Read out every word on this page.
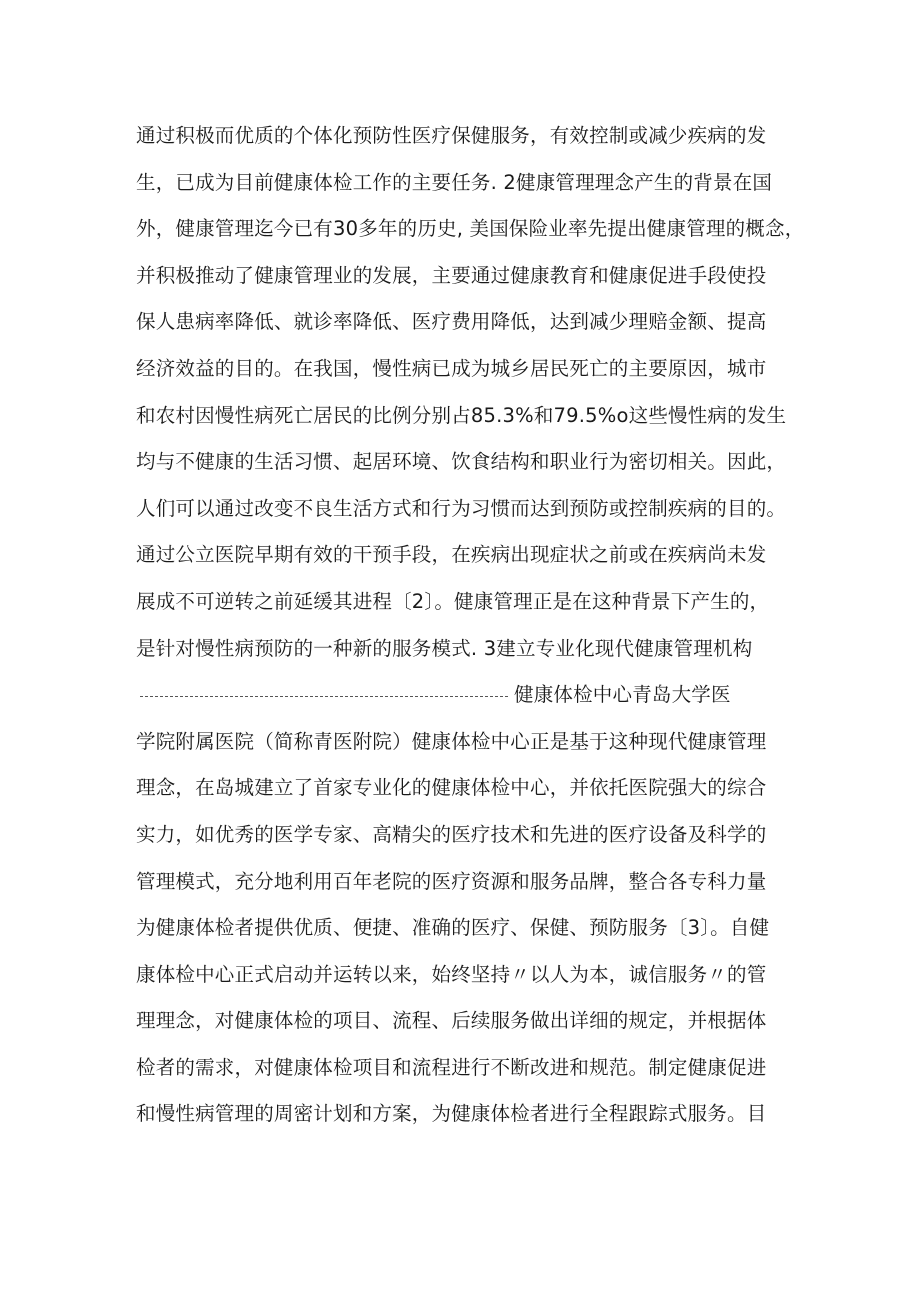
通过积极而优质的个体化预防性医疗保健服务，有效控制或减少疾病的发
生，已成为目前健康体检工作的主要任务. 2健康管理理念产生的背景在国
外，健康管理迄今已有30多年的历史, 美国保险业率先提出健康管理的概念，
并积极推动了健康管理业的发展，主要通过健康教育和健康促进手段使投
保人患病率降低、就诊率降低、医疗费用降低，达到减少理赔金额、提高
经济效益的目的。在我国，慢性病已成为城乡居民死亡的主要原因，城市
和农村因慢性病死亡居民的比例分别占85.3%和79.5%o这些慢性病的发生
均与不健康的生活习惯、起居环境、饮食结构和职业行为密切相关。因此，
人们可以通过改变不良生活方式和行为习惯而达到预防或控制疾病的目的。
通过公立医院早期有效的干预手段，在疾病出现症状之前或在疾病尚未发
展成不可逆转之前延缓其进程〔2〕。健康管理正是在这种背景下产生的，
是针对慢性病预防的一种新的服务模式. 3建立专业化现代健康管理机构
健康体检中心青岛大学医
学院附属医院（简称青医附院）健康体检中心正是基于这种现代健康管理
理念，在岛城建立了首家专业化的健康体检中心，并依托医院强大的综合
实力，如优秀的医学专家、高精尖的医疗技术和先进的医疗设备及科学的
管理模式，充分地利用百年老院的医疗资源和服务品牌，整合各专科力量
为健康体检者提供优质、便捷、准确的医疗、保健、预防服务〔3〕。自健
康体检中心正式启动并运转以来，始终坚持〃以人为本，诚信服务〃的管
理理念，对健康体检的项目、流程、后续服务做出详细的规定，并根据体
检者的需求，对健康体检项目和流程进行不断改进和规范。制定健康促进
和慢性病管理的周密计划和方案，为健康体检者进行全程跟踪式服务。目
